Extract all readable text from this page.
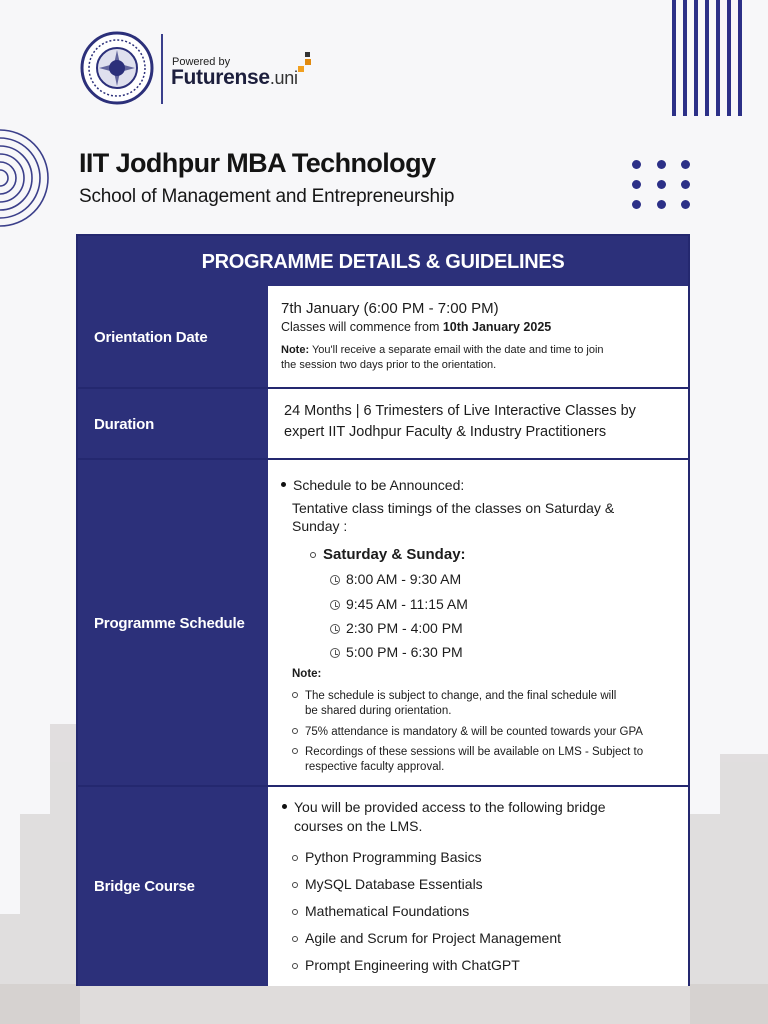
Powered by
Futurense.uni
IIT Jodhpur MBA Technology
School of Management and Entrepreneurship
PROGRAMME DETAILS & GUIDELINES
Orientation Date
7th January (6:00 PM - 7:00 PM)
Classes will commence from 10th January 2025
Note: You'll receive a separate email with the date and time to join
the session two days prior to the orientation.
Duration
24 Months | 6 Trimesters of Live Interactive Classes by
expert IIT Jodhpur Faculty & Industry Practitioners
Programme Schedule
Schedule to be Announced:
Tentative class timings of the classes on Saturday &
Sunday :
Saturday & Sunday:
8:00 AM - 9:30 AM
9:45 AM - 11:15 AM
2:30 PM - 4:00 PM
5:00 PM - 6:30 PM
Note:
The schedule is subject to change, and the final schedule will
be shared during orientation.
75% attendance is mandatory & will be counted towards your GPA
Recordings of these sessions will be available on LMS - Subject to
respective faculty approval.
Bridge Course
You will be provided access to the following bridge
courses on the LMS.
Python Programming Basics
MySQL Database Essentials
Mathematical Foundations
Agile and Scrum for Project Management
Prompt Engineering with ChatGPT
